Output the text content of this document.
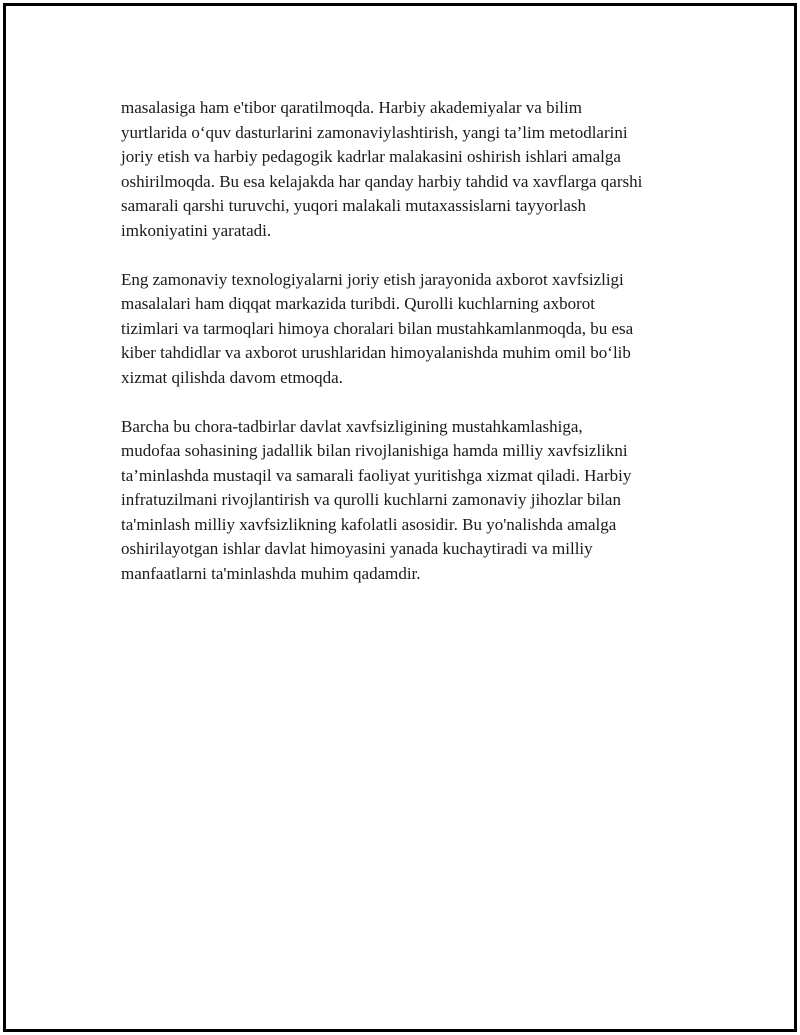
masalasiga ham e'tibor qaratilmoqda. Harbiy akademiyalar va bilim
yurtlarida o‘quv dasturlarini zamonaviylashtirish, yangi ta’lim metodlarini
joriy etish va harbiy pedagogik kadrlar malakasini oshirish ishlari amalga
oshirilmoqda. Bu esa kelajakda har qanday harbiy tahdid va xavflarga qarshi
samarali qarshi turuvchi, yuqori malakali mutaxassislarni tayyorlash
imkoniyatini yaratadi.

Eng zamonaviy texnologiyalarni joriy etish jarayonida axborot xavfsizligi
masalalari ham diqqat markazida turibdi. Qurolli kuchlarning axborot
tizimlari va tarmoqlari himoya choralari bilan mustahkamlanmoqda, bu esa
kiber tahdidlar va axborot urushlaridan himoyalanishda muhim omil bo‘lib
xizmat qilishda davom etmoqda.

Barcha bu chora-tadbirlar davlat xavfsizligining mustahkamlashiga,
mudofaa sohasining jadallik bilan rivojlanishiga hamda milliy xavfsizlikni
ta’minlashda mustaqil va samarali faoliyat yuritishga xizmat qiladi. Harbiy
infratuzilmani rivojlantirish va qurolli kuchlarni zamonaviy jihozlar bilan
ta'minlash milliy xavfsizlikning kafolatli asosidir. Bu yo'nalishda amalga
oshirilayotgan ishlar davlat himoyasini yanada kuchaytiradi va milliy
manfaatlarni ta'minlashda muhim qadamdir.
